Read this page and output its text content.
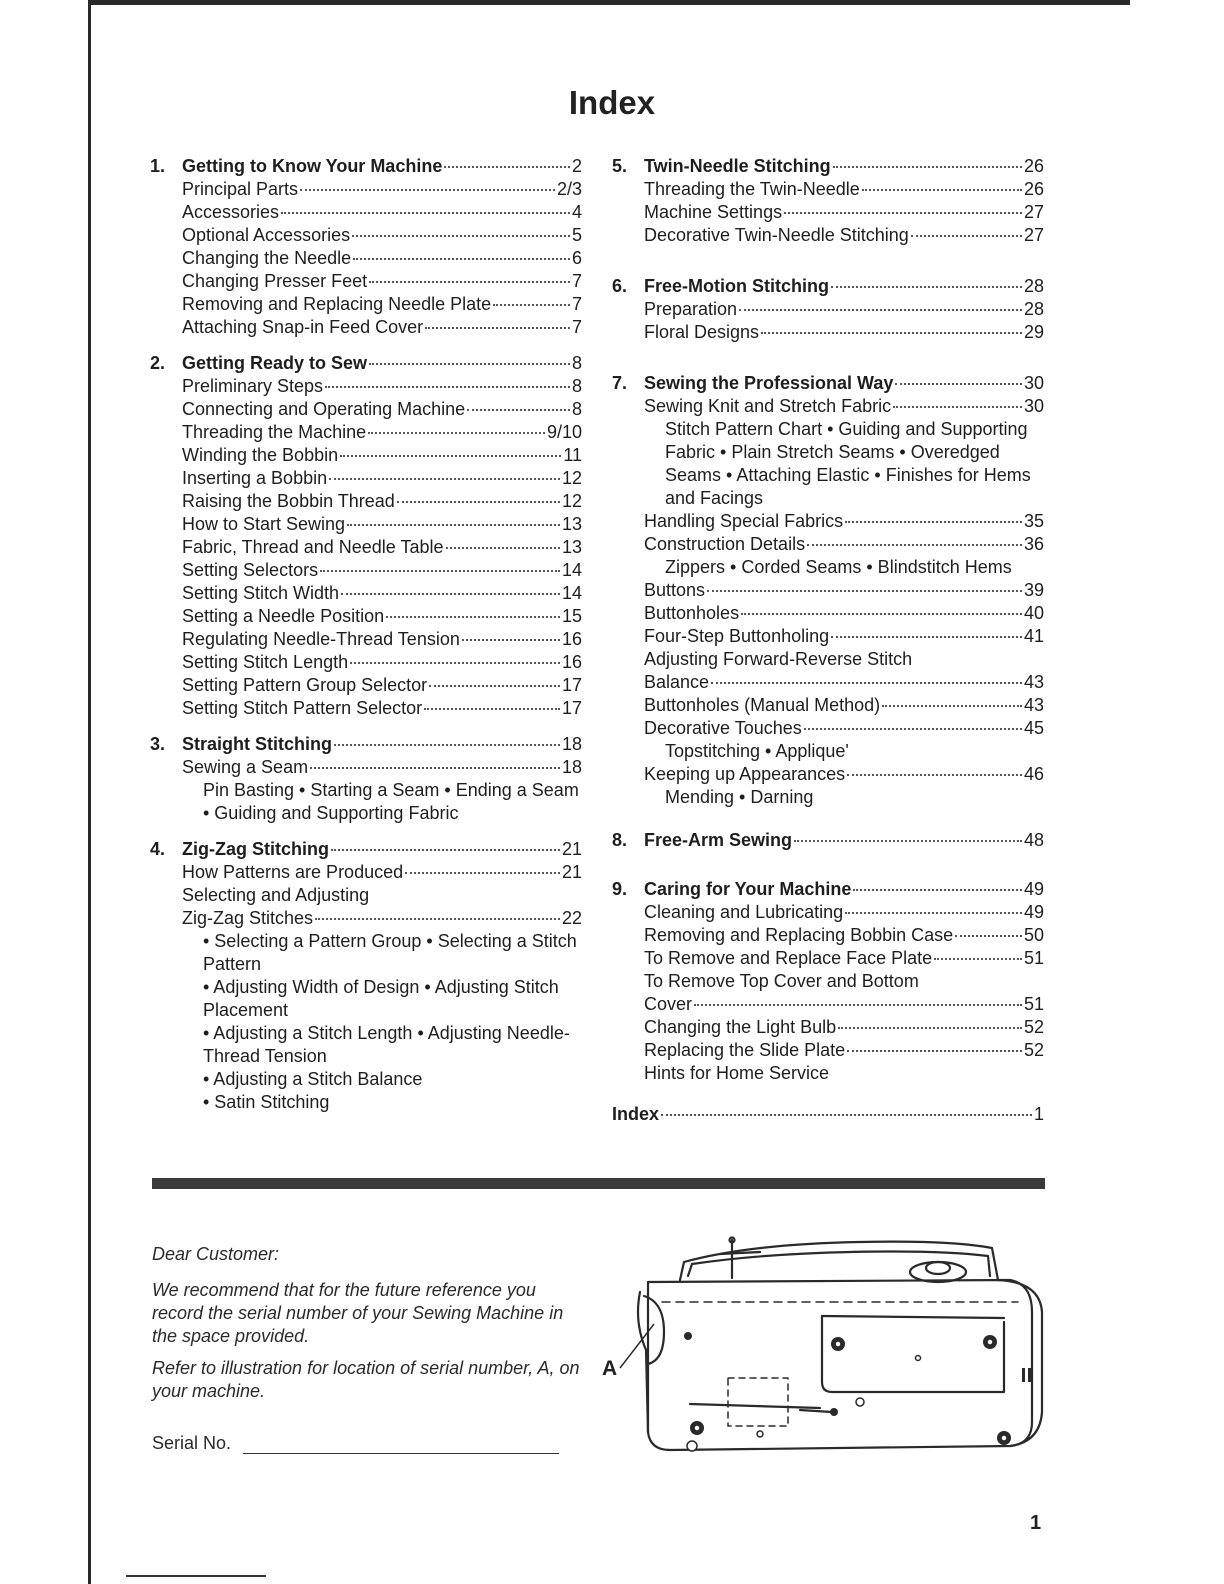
Index
1. Getting to Know Your Machine	2
Principal Parts	2/3
Accessories	4
Optional Accessories	5
Changing the Needle	6
Changing Presser Feet	7
Removing and Replacing Needle Plate	7
Attaching Snap-in Feed Cover	7
2. Getting Ready to Sew	8
Preliminary Steps	8
Connecting and Operating Machine	8
Threading the Machine	9/10
Winding the Bobbin	11
Inserting a Bobbin	12
Raising the Bobbin Thread	12
How to Start Sewing	13
Fabric, Thread and Needle Table	13
Setting Selectors	14
Setting Stitch Width	14
Setting a Needle Position	15
Regulating Needle-Thread Tension	16
Setting Stitch Length	16
Setting Pattern Group Selector	17
Setting Stitch Pattern Selector	17
3. Straight Stitching	18
Sewing a Seam	18
Pin Basting • Starting a Seam • Ending a Seam • Guiding and Supporting Fabric
4. Zig-Zag Stitching	21
How Patterns are Produced	21
Selecting and Adjusting
Zig-Zag Stitches	22
• Selecting a Pattern Group • Selecting a Stitch Pattern
• Adjusting Width of Design • Adjusting Stitch Placement
• Adjusting a Stitch Length • Adjusting Needle-Thread Tension
• Adjusting a Stitch Balance
• Satin Stitching
5. Twin-Needle Stitching	26
Threading the Twin-Needle	26
Machine Settings	27
Decorative Twin-Needle Stitching	27
6. Free-Motion Stitching	28
Preparation	28
Floral Designs	29
7. Sewing the Professional Way	30
Sewing Knit and Stretch Fabric	30
Stitch Pattern Chart • Guiding and Supporting Fabric • Plain Stretch Seams • Overedged Seams • Attaching Elastic • Finishes for Hems and Facings
Handling Special Fabrics	35
Construction Details	36
Zippers • Corded Seams • Blindstitch Hems
Buttons	39
Buttonholes	40
Four-Step Buttonholing	41
Adjusting Forward-Reverse Stitch
Balance	43
Buttonholes (Manual Method)	43
Decorative Touches	45
Topstitching • Applique'
Keeping up Appearances	46
Mending • Darning
8. Free-Arm Sewing	48
9. Caring for Your Machine	49
Cleaning and Lubricating	49
Removing and Replacing Bobbin Case	50
To Remove and Replace Face Plate	51
To Remove Top Cover and Bottom
Cover	51
Changing the Light Bulb	52
Replacing the Slide Plate	52
Hints for Home Service
Index	1

Dear Customer:

We recommend that for the future reference you record the serial number of your Sewing Machine in the space provided.

Refer to illustration for location of serial number, A, on your machine.

Serial No.
A
1
